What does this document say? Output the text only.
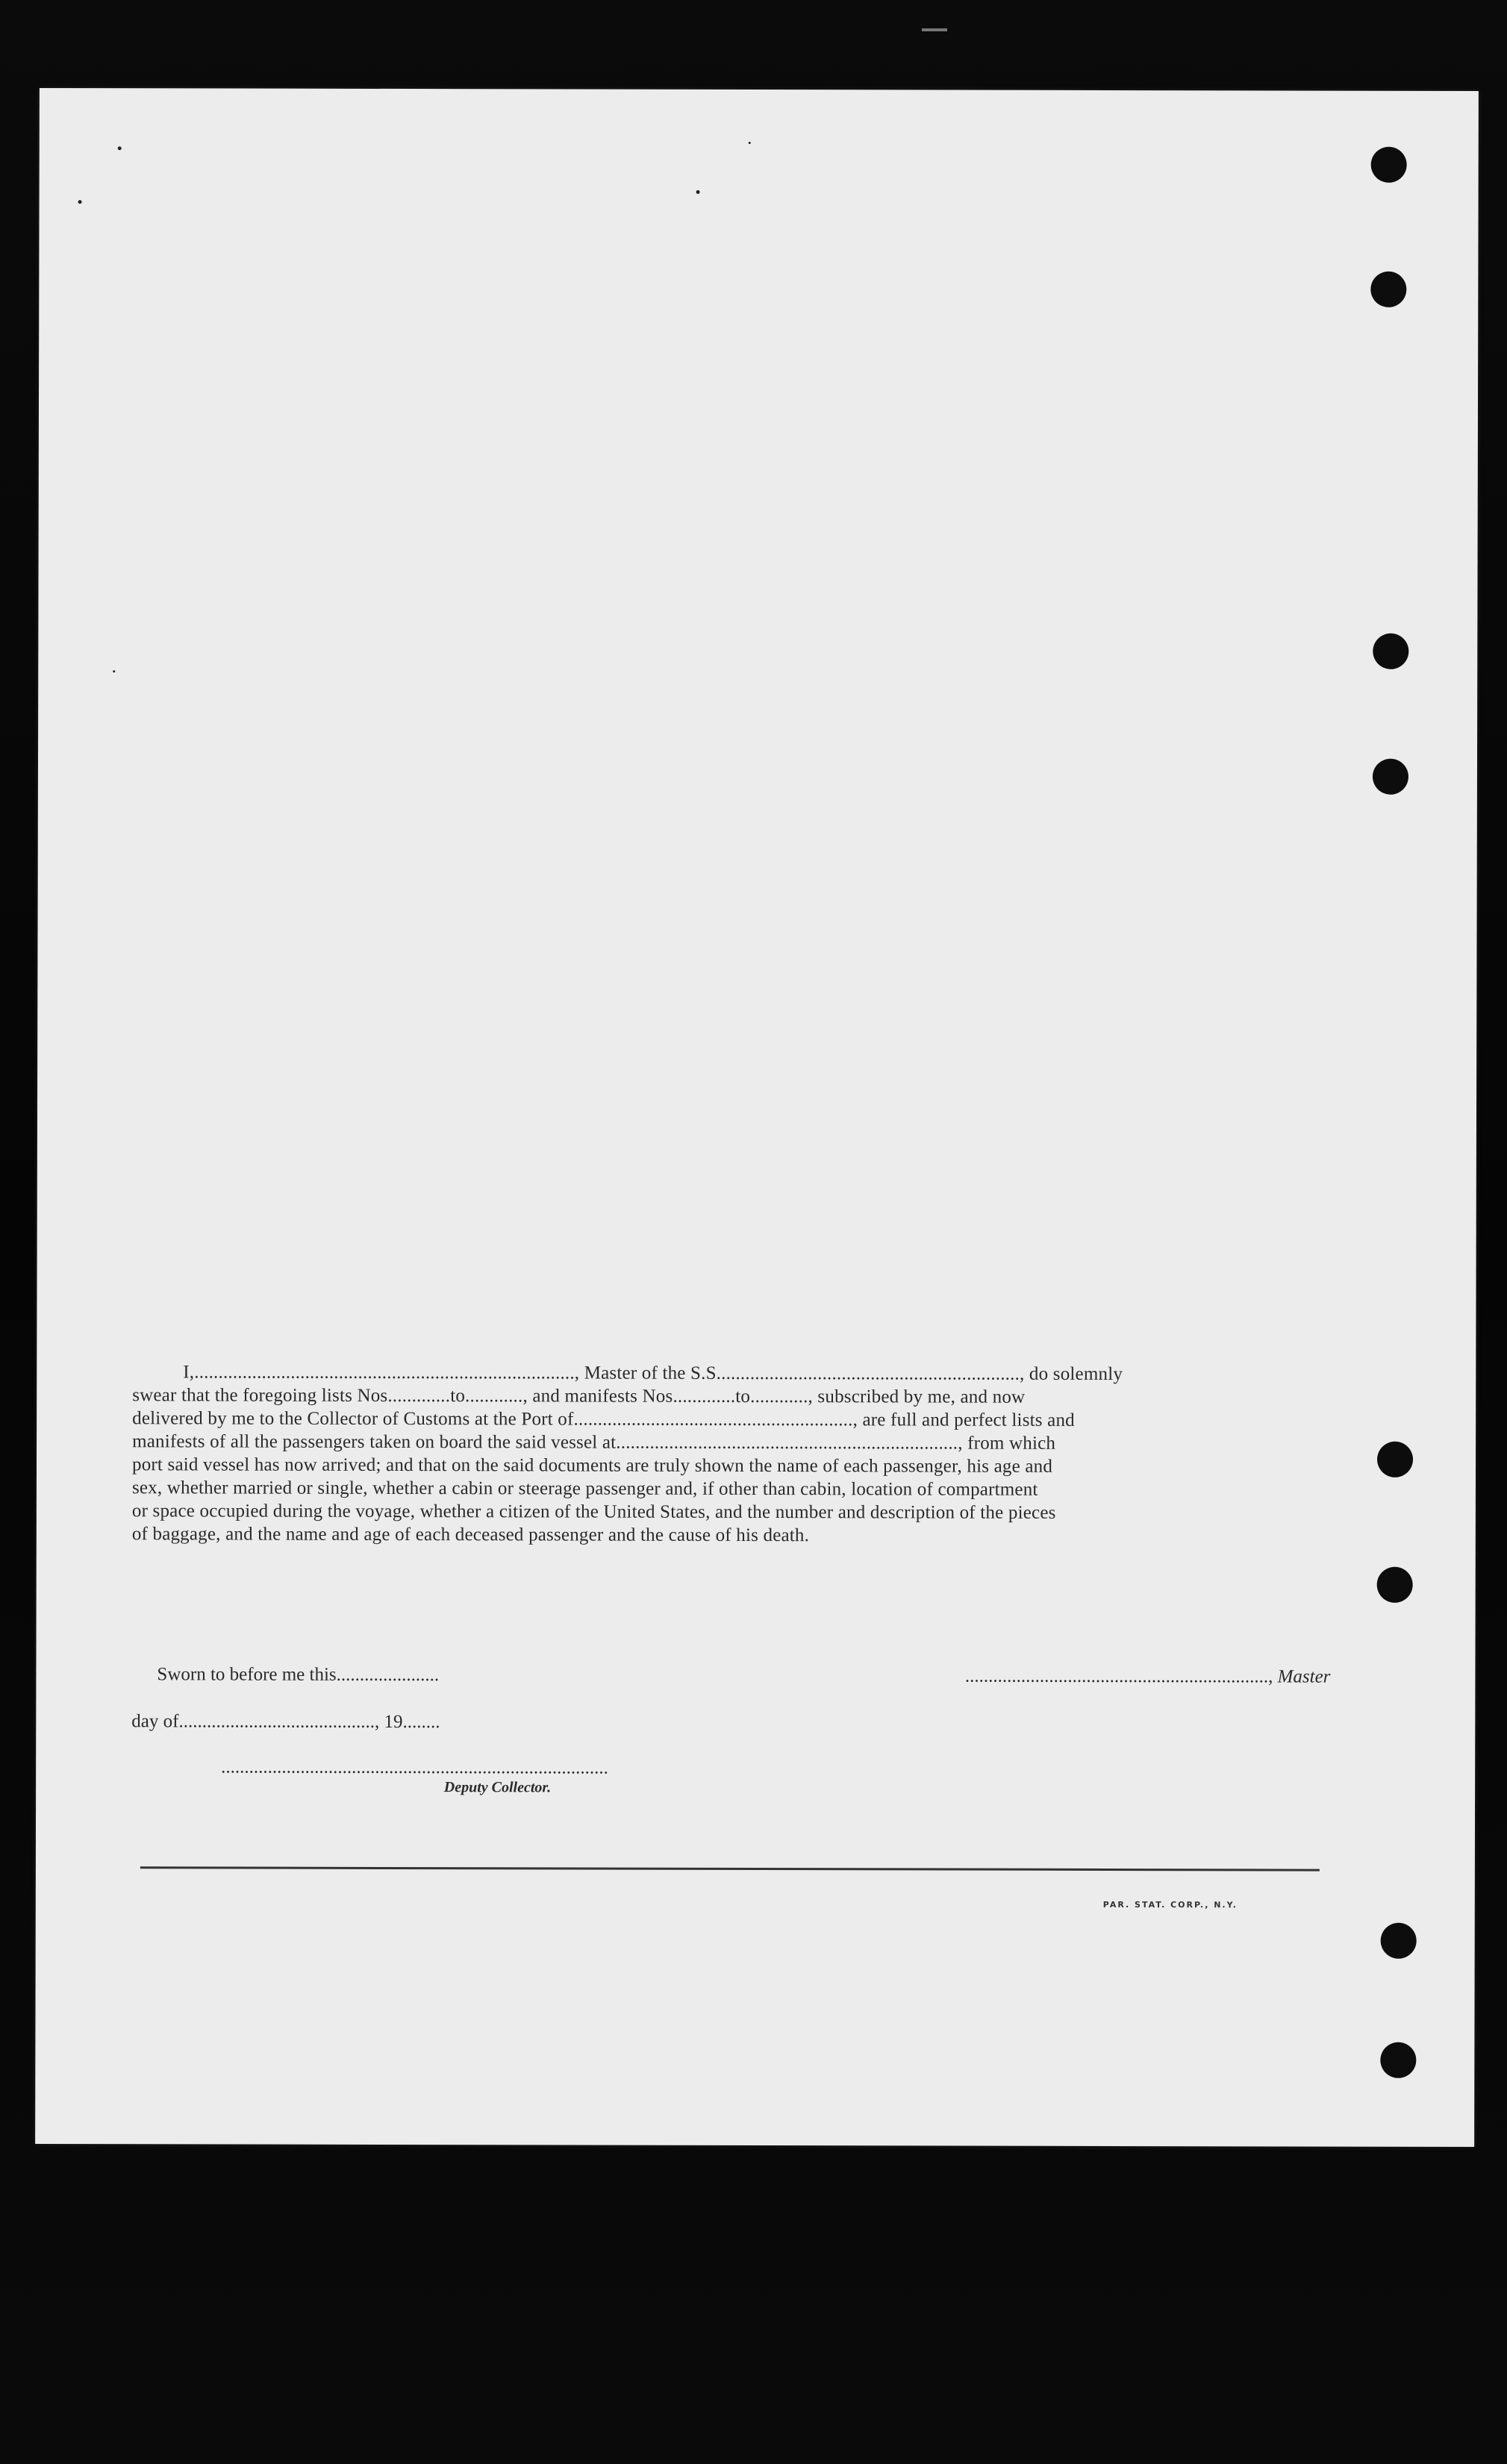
I,..............................................................................., Master of the S.S..............................................................., do solemnly
swear that the foregoing lists Nos.............to............, and manifests Nos.............to............, subscribed by me, and now
delivered by me to the Collector of Customs at the Port of.........................................................., are full and perfect lists and
manifests of all the passengers taken on board the said vessel at......................................................................., from which
port said vessel has now arrived; and that on the said documents are truly shown the name of each passenger, his age and
sex, whether married or single, whether a cabin or steerage passenger and, if other than cabin, location of compartment
or space occupied during the voyage, whether a citizen of the United States, and the number and description of the pieces
of baggage, and the name and age of each deceased passenger and the cause of his death.
Sworn to before me this......................	................................................................., Master
day of.........................................., 19........
...................................................................................
Deputy Collector.
PAR. STAT. CORP., N.Y.
